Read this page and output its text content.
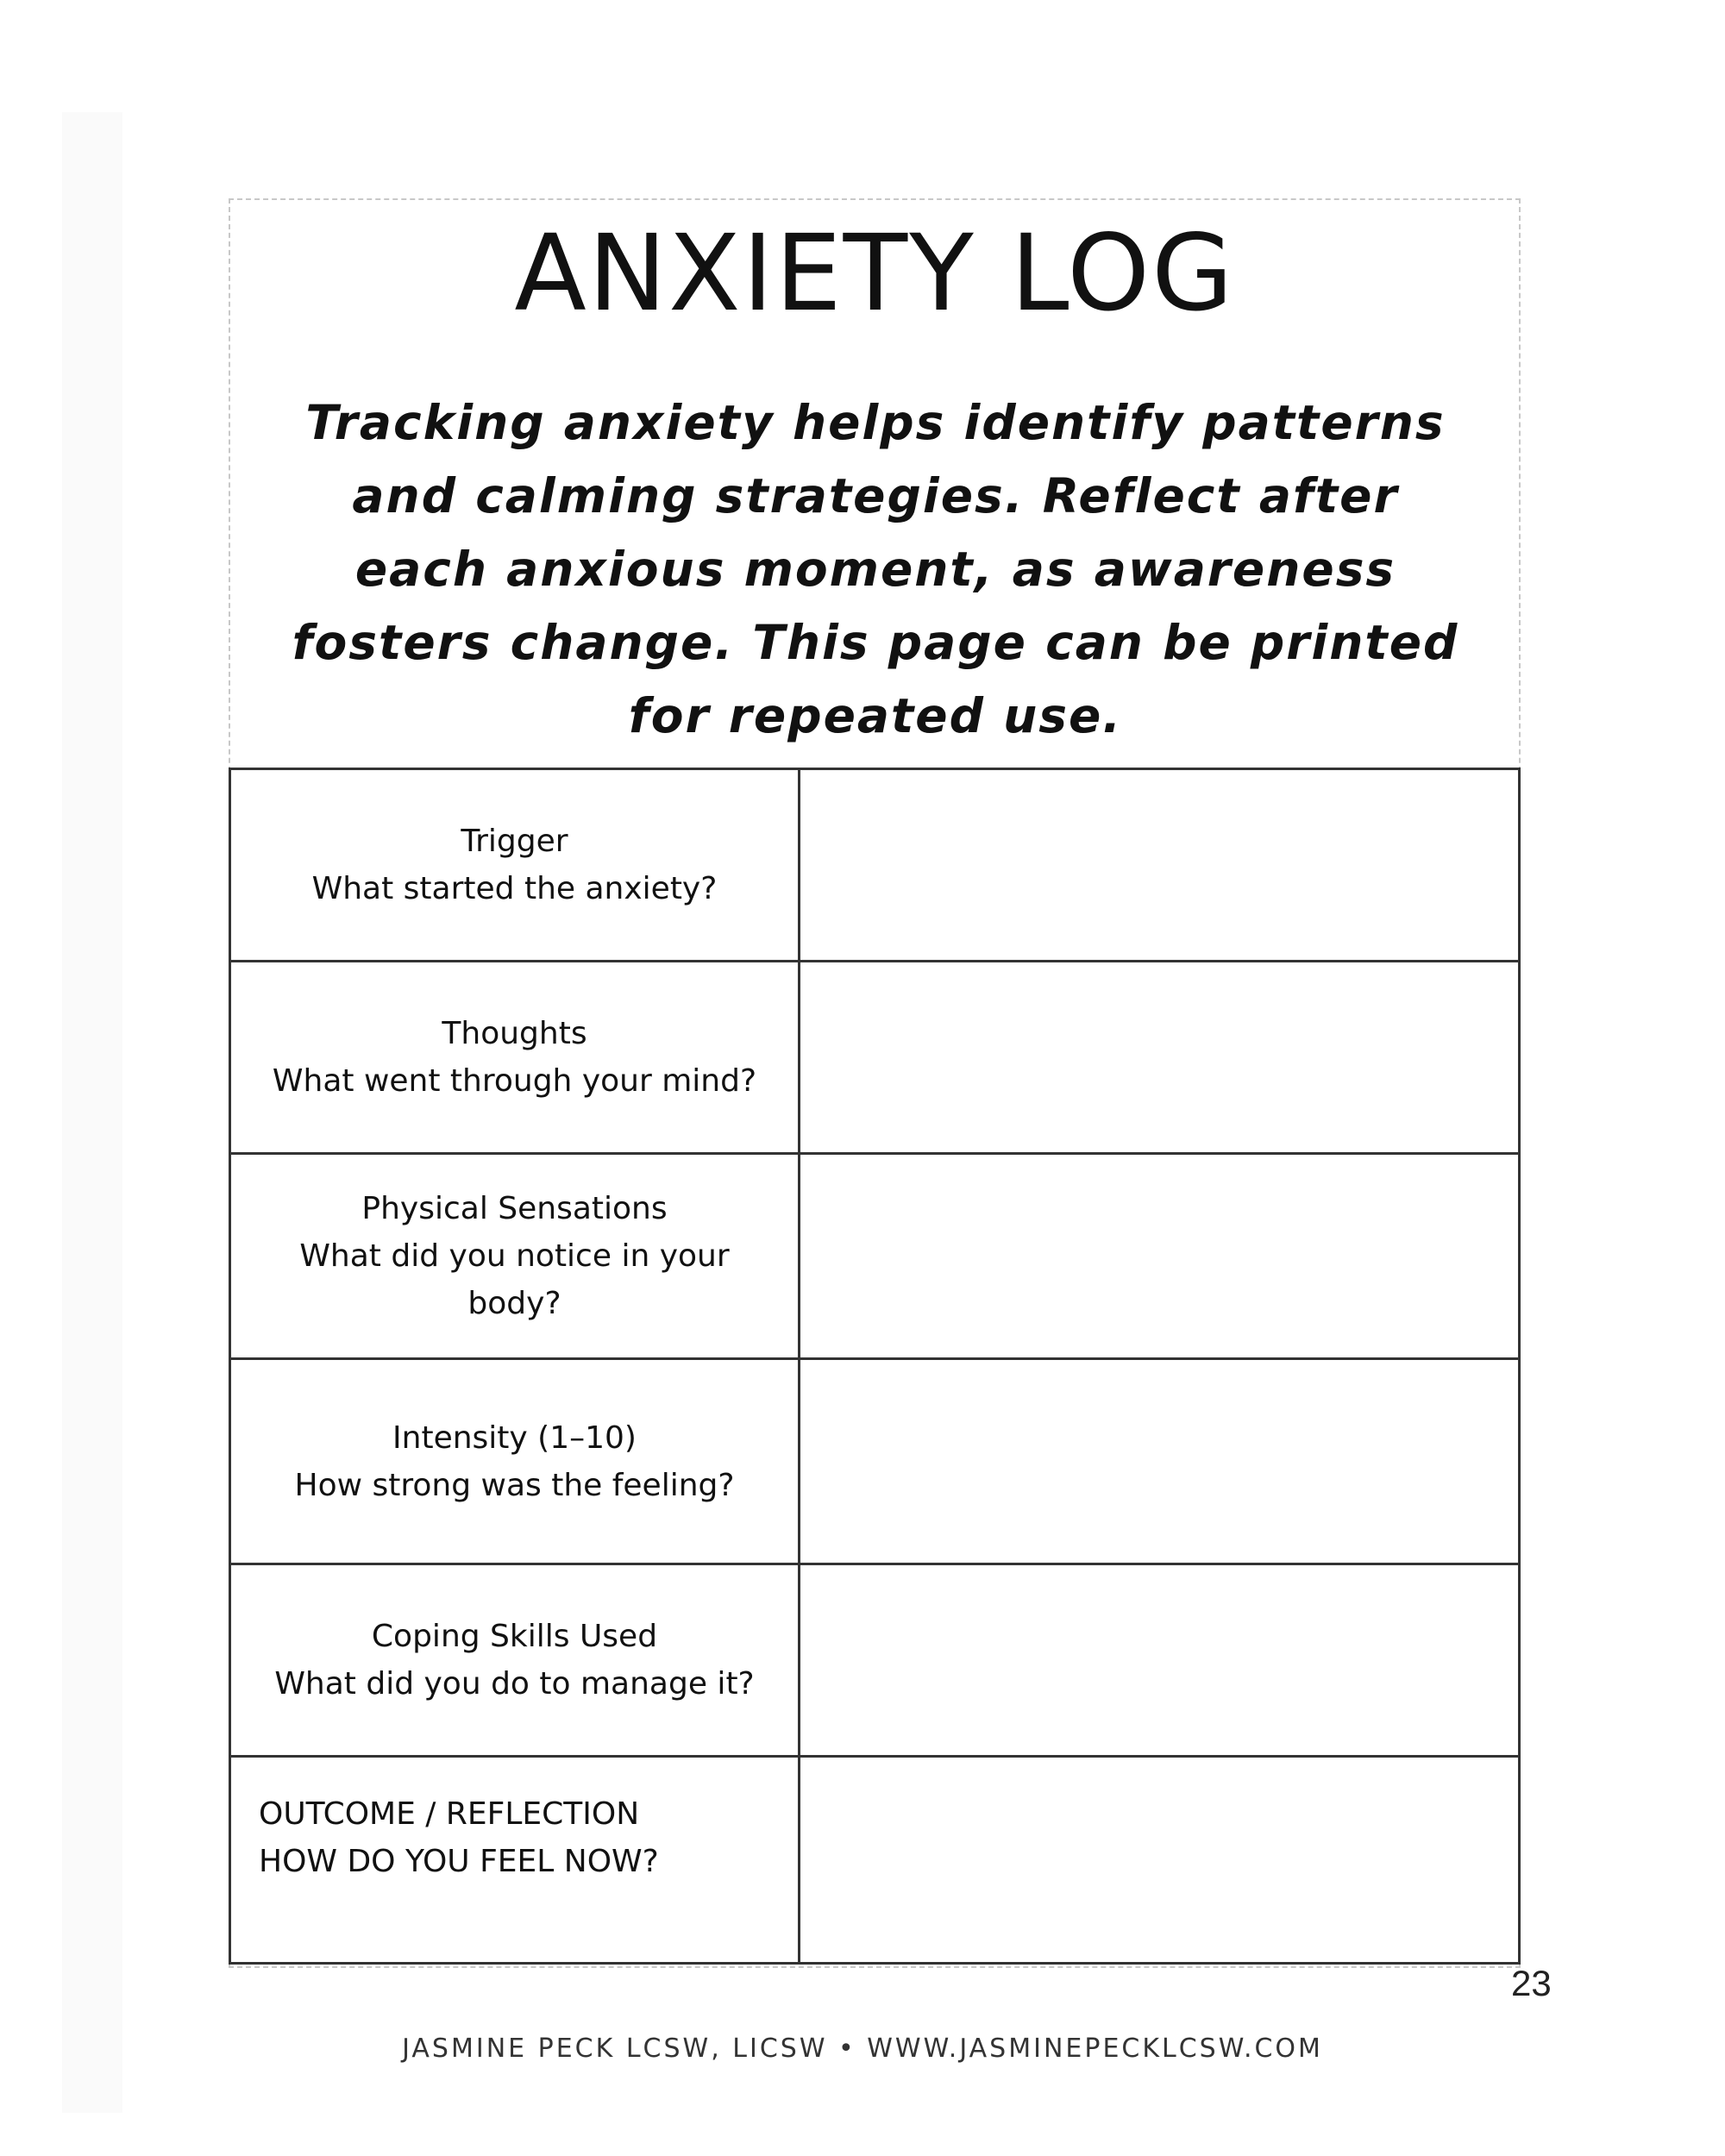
ANXIETY LOG

Tracking anxiety helps identify patterns and calming strategies. Reflect after each anxious moment, as awareness fosters change. This page can be printed for repeated use.

Trigger
What started the anxiety?	

Thoughts
What went through your mind?	

Physical Sensations
What did you notice in your body?	

Intensity (1–10)
How strong was the feeling?	

Coping Skills Used
What did you do to manage it?	

OUTCOME / REFLECTION
HOW DO YOU FEEL NOW?	

23
JASMINE PECK LCSW, LICSW • WWW.JASMINEPECKLCSW.COM
